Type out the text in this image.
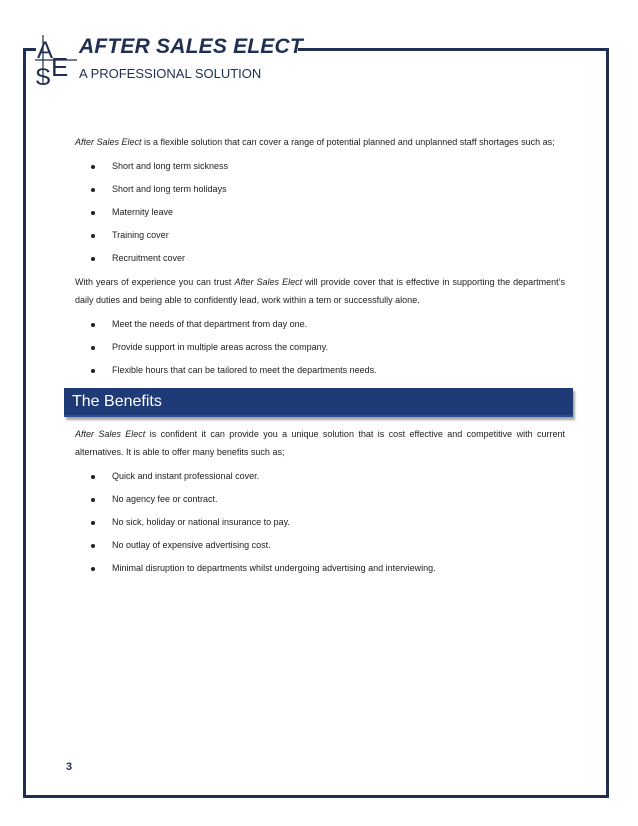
A
S E
AFTER SALES ELECT

A PROFESSIONAL SOLUTION

After Sales Elect is a flexible solution that can cover a range of potential planned and unplanned staff shortages such as;

Short and long term sickness
Short and long term holidays
Maternity leave
Training cover
Recruitment cover

With years of experience you can trust After Sales Elect will provide cover that is effective in supporting the department’s daily duties and being able to confidently lead, work within a tem or successfully alone.

Meet the needs of that department from day one.
Provide support in multiple areas across the company.
Flexible hours that can be tailored to meet the departments needs.
The Benefits

After Sales Elect is confident it can provide you a unique solution that is cost effective and competitive with current alternatives. It is able to offer many benefits such as;

Quick and instant professional cover.
No agency fee or contract.
No sick, holiday or national insurance to pay.
No outlay of expensive advertising cost.
Minimal disruption to departments whilst undergoing advertising and interviewing.
3
